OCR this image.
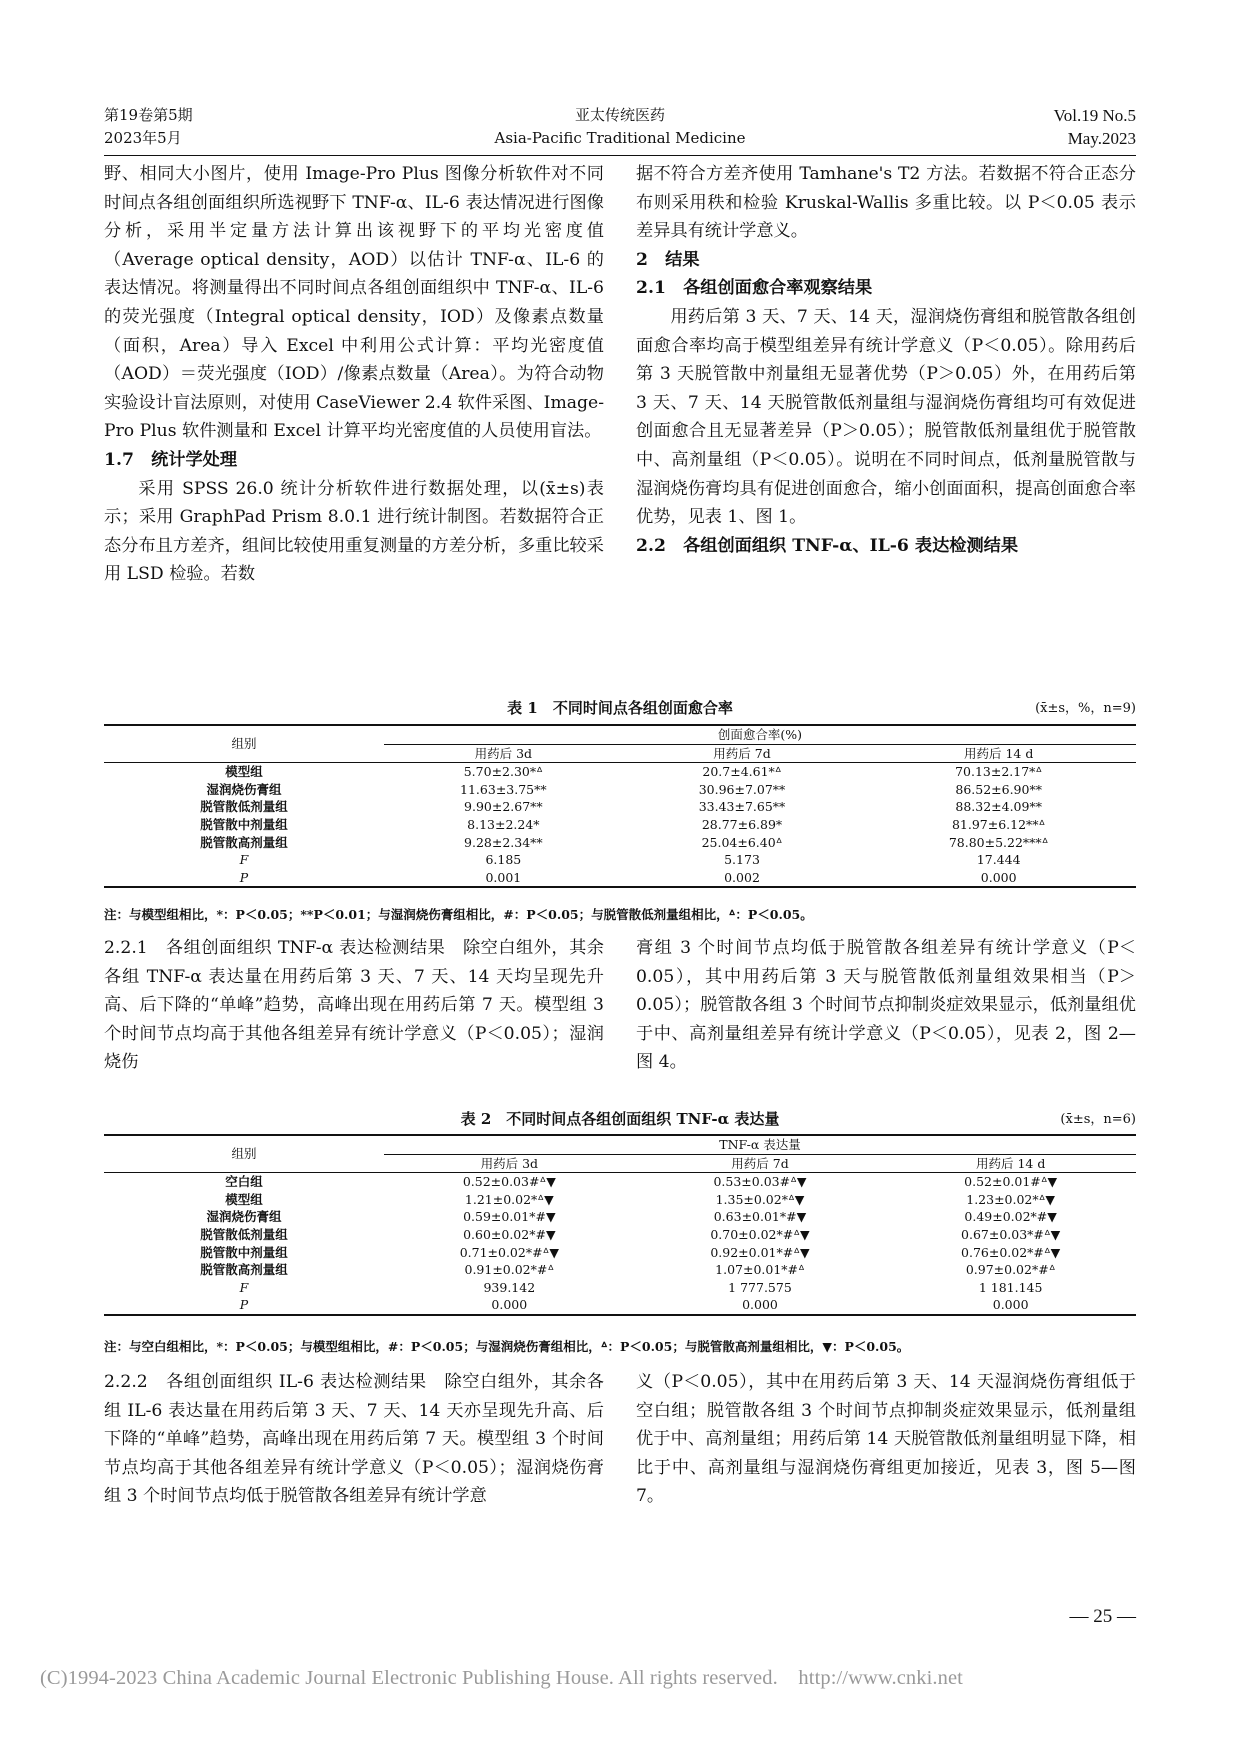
第19卷第5期
2023年5月
亚太传统医药
Asia-Pacific Traditional Medicine
Vol.19 No.5
May.2023

野、相同大小图片，使用 Image-Pro Plus 图像分析软件对不同时间点各组创面组织所选视野下 TNF-α、IL-6 表达情况进行图像分析，采用半定量方法计算出该视野下的平均光密度值（Average optical density，AOD）以估计 TNF-α、IL-6 的表达情况。将测量得出不同时间点各组创面组织中 TNF-α、IL-6 的荧光强度（Integral optical density，IOD）及像素点数量（面积，Area）导入 Excel 中利用公式计算：平均光密度值（AOD）＝荧光强度（IOD）/像素点数量（Area）。为符合动物实验设计盲法原则，对使用 CaseViewer 2.4 软件采图、Image-Pro Plus 软件测量和 Excel 计算平均光密度值的人员使用盲法。

1.7　统计学处理

采用 SPSS 26.0 统计分析软件进行数据处理，以(x̄±s)表示；采用 GraphPad Prism 8.0.1 进行统计制图。若数据符合正态分布且方差齐，组间比较使用重复测量的方差分析，多重比较采用 LSD 检验。若数

据不符合方差齐使用 Tamhane's T2 方法。若数据不符合正态分布则采用秩和检验 Kruskal-Wallis 多重比较。以 P＜0.05 表示差异具有统计学意义。

2　结果

2.1　各组创面愈合率观察结果

用药后第 3 天、7 天、14 天，湿润烧伤膏组和脱管散各组创面愈合率均高于模型组差异有统计学意义（P＜0.05）。除用药后第 3 天脱管散中剂量组无显著优势（P＞0.05）外，在用药后第 3 天、7 天、14 天脱管散低剂量组与湿润烧伤膏组均可有效促进创面愈合且无显著差异（P＞0.05）；脱管散低剂量组优于脱管散中、高剂量组（P＜0.05）。说明在不同时间点，低剂量脱管散与湿润烧伤膏均具有促进创面愈合，缩小创面面积，提高创面愈合率优势，见表 1、图 1。

2.2　各组创面组织 TNF-α、IL-6 表达检测结果

表 1　不同时间点各组创面愈合率	(x̄±s，%，n=9)
组别	创面愈合率(%)		
	用药后 3d	用药后 7d	用药后 14 d
模型组	5.70±2.30*ᐞ	20.7±4.61*ᐞ	70.13±2.17*ᐞ
湿润烧伤膏组	11.63±3.75**	30.96±7.07**	86.52±6.90**
脱管散低剂量组	9.90±2.67**	33.43±7.65**	88.32±4.09**
脱管散中剂量组	8.13±2.24*	28.77±6.89*	81.97±6.12**ᐞ
脱管散高剂量组	9.28±2.34**	25.04±6.40ᐞ	78.80±5.22***ᐞ
F	6.185	5.173	17.444
P	0.001	0.002	0.000
注：与模型组相比，*：P＜0.05；**P＜0.01；与湿润烧伤膏组相比，#：P＜0.05；与脱管散低剂量组相比，ᐞ：P＜0.05。

2.2.1　各组创面组织 TNF-α 表达检测结果　除空白组外，其余各组 TNF-α 表达量在用药后第 3 天、7 天、14 天均呈现先升高、后下降的“单峰”趋势，高峰出现在用药后第 7 天。模型组 3 个时间节点均高于其他各组差异有统计学意义（P＜0.05）；湿润烧伤

膏组 3 个时间节点均低于脱管散各组差异有统计学意义（P＜0.05），其中用药后第 3 天与脱管散低剂量组效果相当（P＞0.05）；脱管散各组 3 个时间节点抑制炎症效果显示，低剂量组优于中、高剂量组差异有统计学意义（P＜0.05），见表 2，图 2—图 4。

表 2　不同时间点各组创面组织 TNF-α 表达量	(x̄±s，n=6)
组别	TNF-α 表达量		
	用药后 3d	用药后 7d	用药后 14 d
空白组	0.52±0.03#ᐞ▼	0.53±0.03#ᐞ▼	0.52±0.01#ᐞ▼
模型组	1.21±0.02*ᐞ▼	1.35±0.02*ᐞ▼	1.23±0.02*ᐞ▼
湿润烧伤膏组	0.59±0.01*#▼	0.63±0.01*#▼	0.49±0.02*#▼
脱管散低剂量组	0.60±0.02*#▼	0.70±0.02*#ᐞ▼	0.67±0.03*#ᐞ▼
脱管散中剂量组	0.71±0.02*#ᐞ▼	0.92±0.01*#ᐞ▼	0.76±0.02*#ᐞ▼
脱管散高剂量组	0.91±0.02*#ᐞ	1.07±0.01*#ᐞ	0.97±0.02*#ᐞ
F	939.142	1 777.575	1 181.145
P	0.000	0.000	0.000
注：与空白组相比，*：P＜0.05；与模型组相比，#：P＜0.05；与湿润烧伤膏组相比，ᐞ：P＜0.05；与脱管散高剂量组相比，▼：P＜0.05。

2.2.2　各组创面组织 IL-6 表达检测结果　除空白组外，其余各组 IL-6 表达量在用药后第 3 天、7 天、14 天亦呈现先升高、后下降的“单峰”趋势，高峰出现在用药后第 7 天。模型组 3 个时间节点均高于其他各组差异有统计学意义（P＜0.05）；湿润烧伤膏组 3 个时间节点均低于脱管散各组差异有统计学意

义（P＜0.05），其中在用药后第 3 天、14 天湿润烧伤膏组低于空白组；脱管散各组 3 个时间节点抑制炎症效果显示，低剂量组优于中、高剂量组；用药后第 14 天脱管散低剂量组明显下降，相比于中、高剂量组与湿润烧伤膏组更加接近，见表 3，图 5—图 7。

— 25 —
(C)1994-2023 China Academic Journal Electronic Publishing House. All rights reserved.　http://www.cnki.net
